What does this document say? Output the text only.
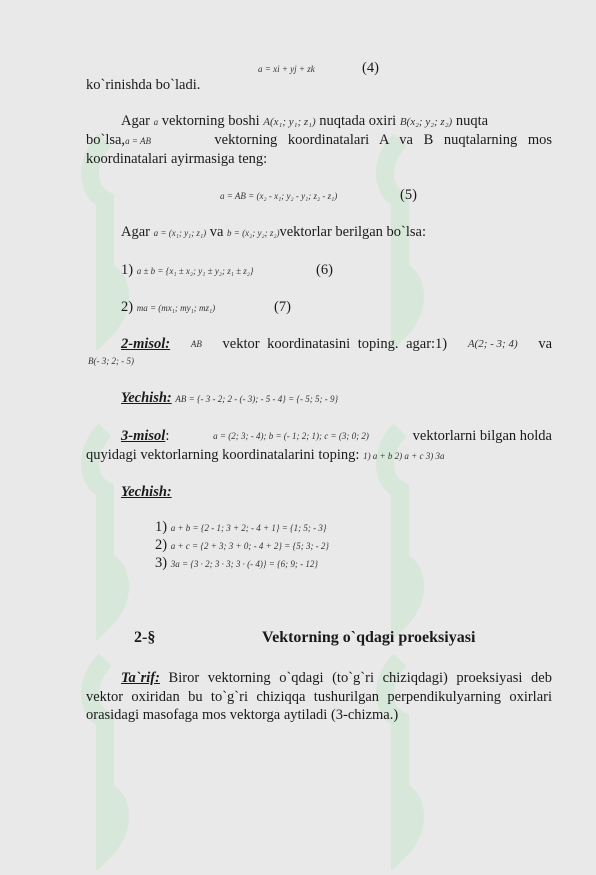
a = xi + yj + zk	(4)
ko`rinishda bo`ladi.
Agar a vektorning boshi A(x₁; y₁; z₁) nuqtada oxiri B(x₂; y₂; z₂) nuqta
bo`lsa,a = AB	vektorning koordinatalari A va B nuqtalarning mos
koordinatalari ayirmasiga teng:
a = AB = (x₂ - x₁; y₂ - y₁; z₂ - z₁)	(5)
Agar a = (x₁; y₁; z₁) va b = (x₂; y₂; z₂)vektorlar berilgan bo`lsa:
1) a ± b = {x₁ ± x₂; y₁ ± y₂; z₁ ± z₂}	(6)
2) ma = (mx₁; my₁; mz₁)	(7)
2-misol: AB vektor koordinatasini toping. agar:1) A(2; - 3; 4) va
B(- 3; 2; - 5)
Yechish: AB = {- 3 - 2; 2 - (- 3); - 5 - 4} = {- 5; 5; - 9}
3-misol:	a = (2; 3; - 4); b = (- 1; 2; 1); c = (3; 0; 2)	vektorlarni bilgan holda
quyidagi vektorlarning koordinatalarini toping: 1) a + b 2) a + c 3) 3a
Yechish:
1) a + b = {2 - 1; 3 + 2; - 4 + 1} = {1; 5; - 3}
2) a + c = {2 + 3; 3 + 0; - 4 + 2} = {5; 3; - 2}
3) 3a = {3 · 2; 3 · 3; 3 · (- 4)} = {6; 9; - 12}
2-§	Vektorning o`qdagi proeksiyasi
Ta`rif: Biror vektorning o`qdagi (to`g`ri chiziqdagi) proeksiyasi deb vektor oxiridan bu to`g`ri chiziqqa tushurilgan perpendikulyarning oxirlari orasidagi masofaga mos vektorga aytiladi (3-chizma.)
